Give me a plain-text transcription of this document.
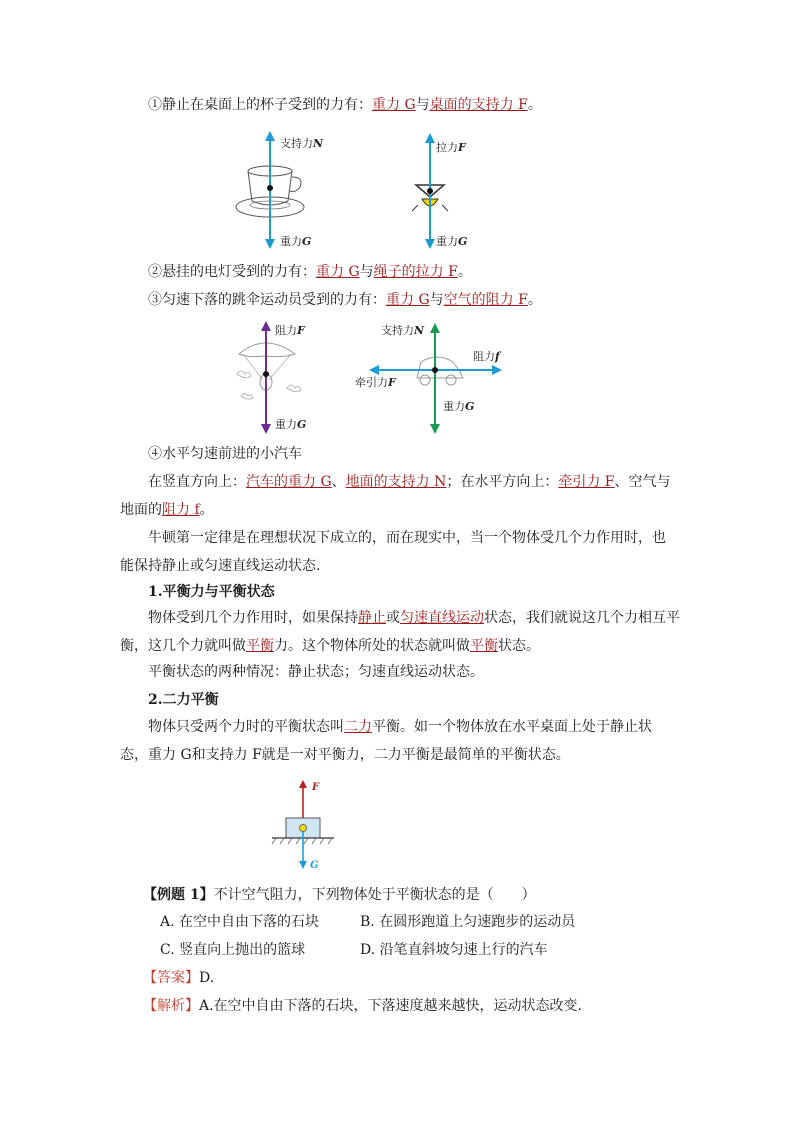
①静止在桌面上的杯子受到的力有：重力 G与桌面的支持力 F。
支持力N
重力G
拉力F
重力G
②悬挂的电灯受到的力有：重力 G与绳子的拉力 F。
③匀速下落的跳伞运动员受到的力有：重力 G与空气的阻力 F。
阻力F
重力G
支持力N
阻力f
牵引力F
重力G
④水平匀速前进的小汽车
在竖直方向上：汽车的重力 G、地面的支持力 N；在水平方向上：牵引力 F、空气与
地面的阻力 f。
牛顿第一定律是在理想状况下成立的，而在现实中，当一个物体受几个力作用时，也
能保持静止或匀速直线运动状态.
1.平衡力与平衡状态
物体受到几个力作用时，如果保持静止或匀速直线运动状态，我们就说这几个力相互平
衡，这几个力就叫做平衡力。这个物体所处的状态就叫做平衡状态。
平衡状态的两种情况：静止状态；匀速直线运动状态。
2.二力平衡
物体只受两个力时的平衡状态叫二力平衡。如一个物体放在水平桌面上处于静止状
态，重力 G和支持力 F就是一对平衡力，二力平衡是最简单的平衡状态。
F
G
【例题 1】不计空气阻力，下列物体处于平衡状态的是（　　）
A. 在空中自由下落的石块	B. 在圆形跑道上匀速跑步的运动员
C. 竖直向上抛出的篮球	D. 沿笔直斜坡匀速上行的汽车
【答案】D.
【解析】A.在空中自由下落的石块，下落速度越来越快，运动状态改变.
